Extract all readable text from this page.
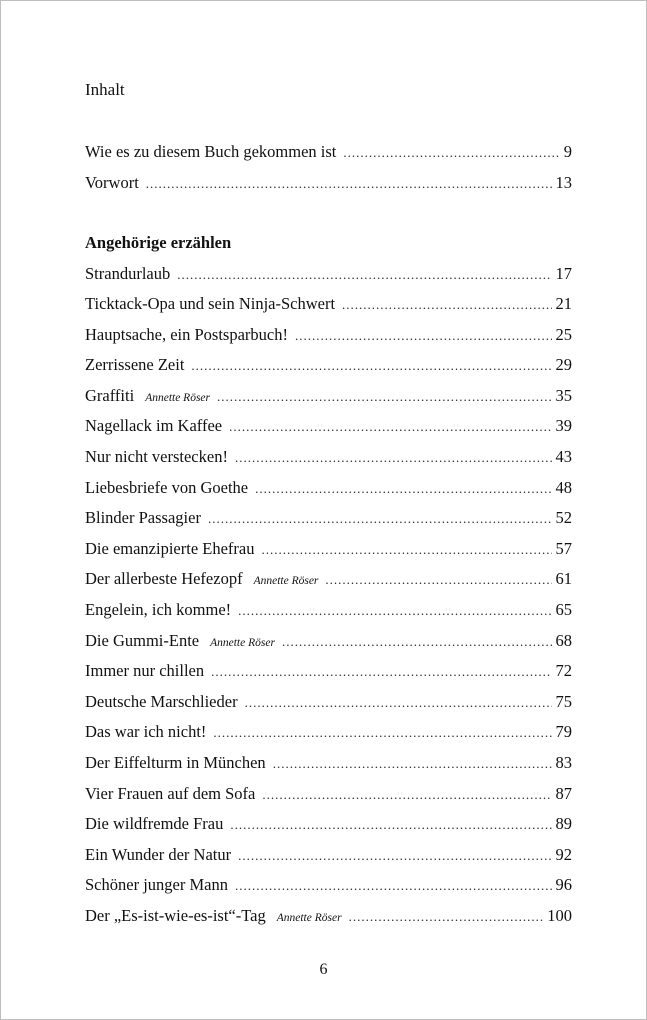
Inhalt
Wie es zu diesem Buch gekommen ist .....	9
Vorwort .....	13
Angehörige erzählen
Strandurlaub .....	17
Ticktack-Opa und sein Ninja-Schwert .....	21
Hauptsache, ein Postsparbuch! .....	25
Zerrissene Zeit .....	29
Graffiti Annette Röser .....	35
Nagellack im Kaffee .....	39
Nur nicht verstecken! .....	43
Liebesbriefe von Goethe .....	48
Blinder Passagier .....	52
Die emanzipierte Ehefrau .....	57
Der allerbeste Hefezopf Annette Röser .....	61
Engelein, ich komme! .....	65
Die Gummi-Ente Annette Röser .....	68
Immer nur chillen .....	72
Deutsche Marschlieder .....	75
Das war ich nicht! .....	79
Der Eiffelturm in München .....	83
Vier Frauen auf dem Sofa .....	87
Die wildfremde Frau .....	89
Ein Wunder der Natur .....	92
Schöner junger Mann .....	96
Der „Es-ist-wie-es-ist“-Tag Annette Röser .....	100
6
